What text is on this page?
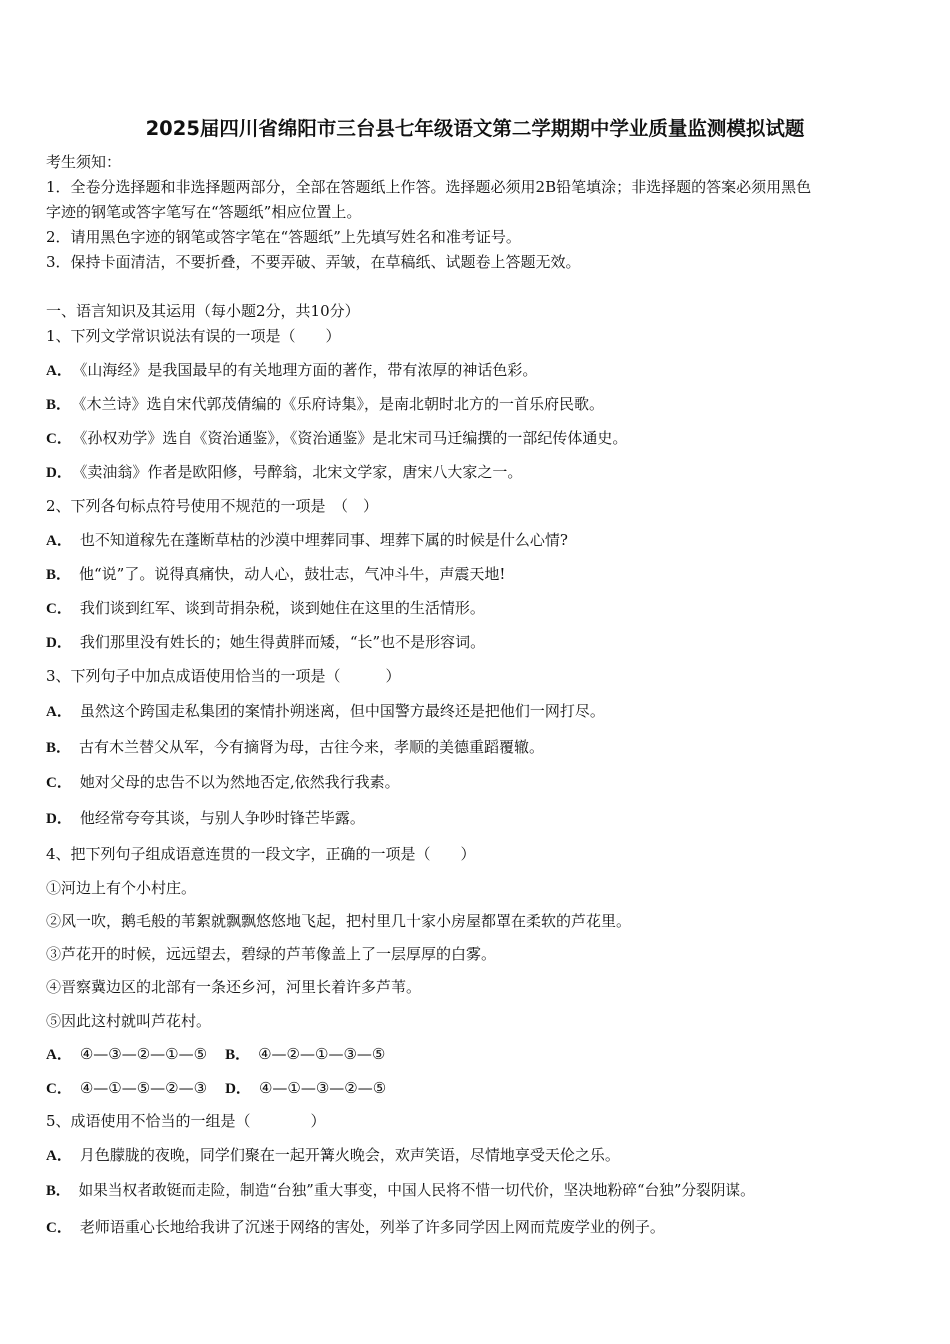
2025届四川省绵阳市三台县七年级语文第二学期期中学业质量监测模拟试题
考生须知：
1．全卷分选择题和非选择题两部分，全部在答题纸上作答。选择题必须用2B铅笔填涂；非选择题的答案必须用黑色
字迹的钢笔或答字笔写在“答题纸”相应位置上。
2．请用黑色字迹的钢笔或答字笔在“答题纸”上先填写姓名和准考证号。
3．保持卡面清洁，不要折叠，不要弄破、弄皱，在草稿纸、试题卷上答题无效。
一、语言知识及其运用（每小题2分，共10分）
1、下列文学常识说法有误的一项是（　　）
A． 《山海经》是我国最早的有关地理方面的著作，带有浓厚的神话色彩。
B． 《木兰诗》选自宋代郭茂倩编的《乐府诗集》，是南北朝时北方的一首乐府民歌。
C． 《孙权劝学》选自《资治通鉴》，《资治通鉴》是北宋司马迁编撰的一部纪传体通史。
D． 《卖油翁》作者是欧阳修，号醉翁，北宋文学家，唐宋八大家之一。
2、下列各句标点符号使用不规范的一项是　（　）
A． 也不知道稼先在蓬断草枯的沙漠中埋葬同事、埋葬下属的时候是什么心情?
B． 他“说”了。说得真痛快，动人心，鼓壮志，气冲斗牛，声震天地!
C． 我们谈到红军、谈到苛捐杂税，谈到她住在这里的生活情形。
D． 我们那里没有姓长的；她生得黄胖而矮，“长”也不是形容词。
3、下列句子中加点成语使用恰当的一项是（　　　）
A． 虽然这个跨国走私集团的案情扑朔迷离，但中国警方最终还是把他们一网打尽。
B． 古有木兰替父从军，今有摘肾为母，古往今来，孝顺的美德重蹈覆辙。
C． 她对父母的忠告不以为然地否定,依然我行我素。
D． 他经常夸夸其谈，与别人争吵时锋芒毕露。
4、把下列句子组成语意连贯的一段文字，正确的一项是（　　）
①河边上有个小村庄。
②风一吹，鹅毛般的苇絮就飘飘悠悠地飞起，把村里几十家小房屋都罩在柔软的芦花里。
③芦花开的时候，远远望去，碧绿的芦苇像盖上了一层厚厚的白雾。
④晋察冀边区的北部有一条还乡河，河里长着许多芦苇。
⑤因此这村就叫芦花村。
A． ④—③—②—①—⑤ B． ④—②—①—③—⑤
C． ④—①—⑤—②—③ D． ④—①—③—②—⑤
5、成语使用不恰当的一组是（　　　　）
A． 月色朦胧的夜晚，同学们聚在一起开篝火晚会，欢声笑语，尽情地享受天伦之乐。
B． 如果当权者敢铤而走险，制造“台独”重大事变，中国人民将不惜一切代价，坚决地粉碎“台独”分裂阴谋。
C． 老师语重心长地给我讲了沉迷于网络的害处，列举了许多同学因上网而荒废学业的例子。
